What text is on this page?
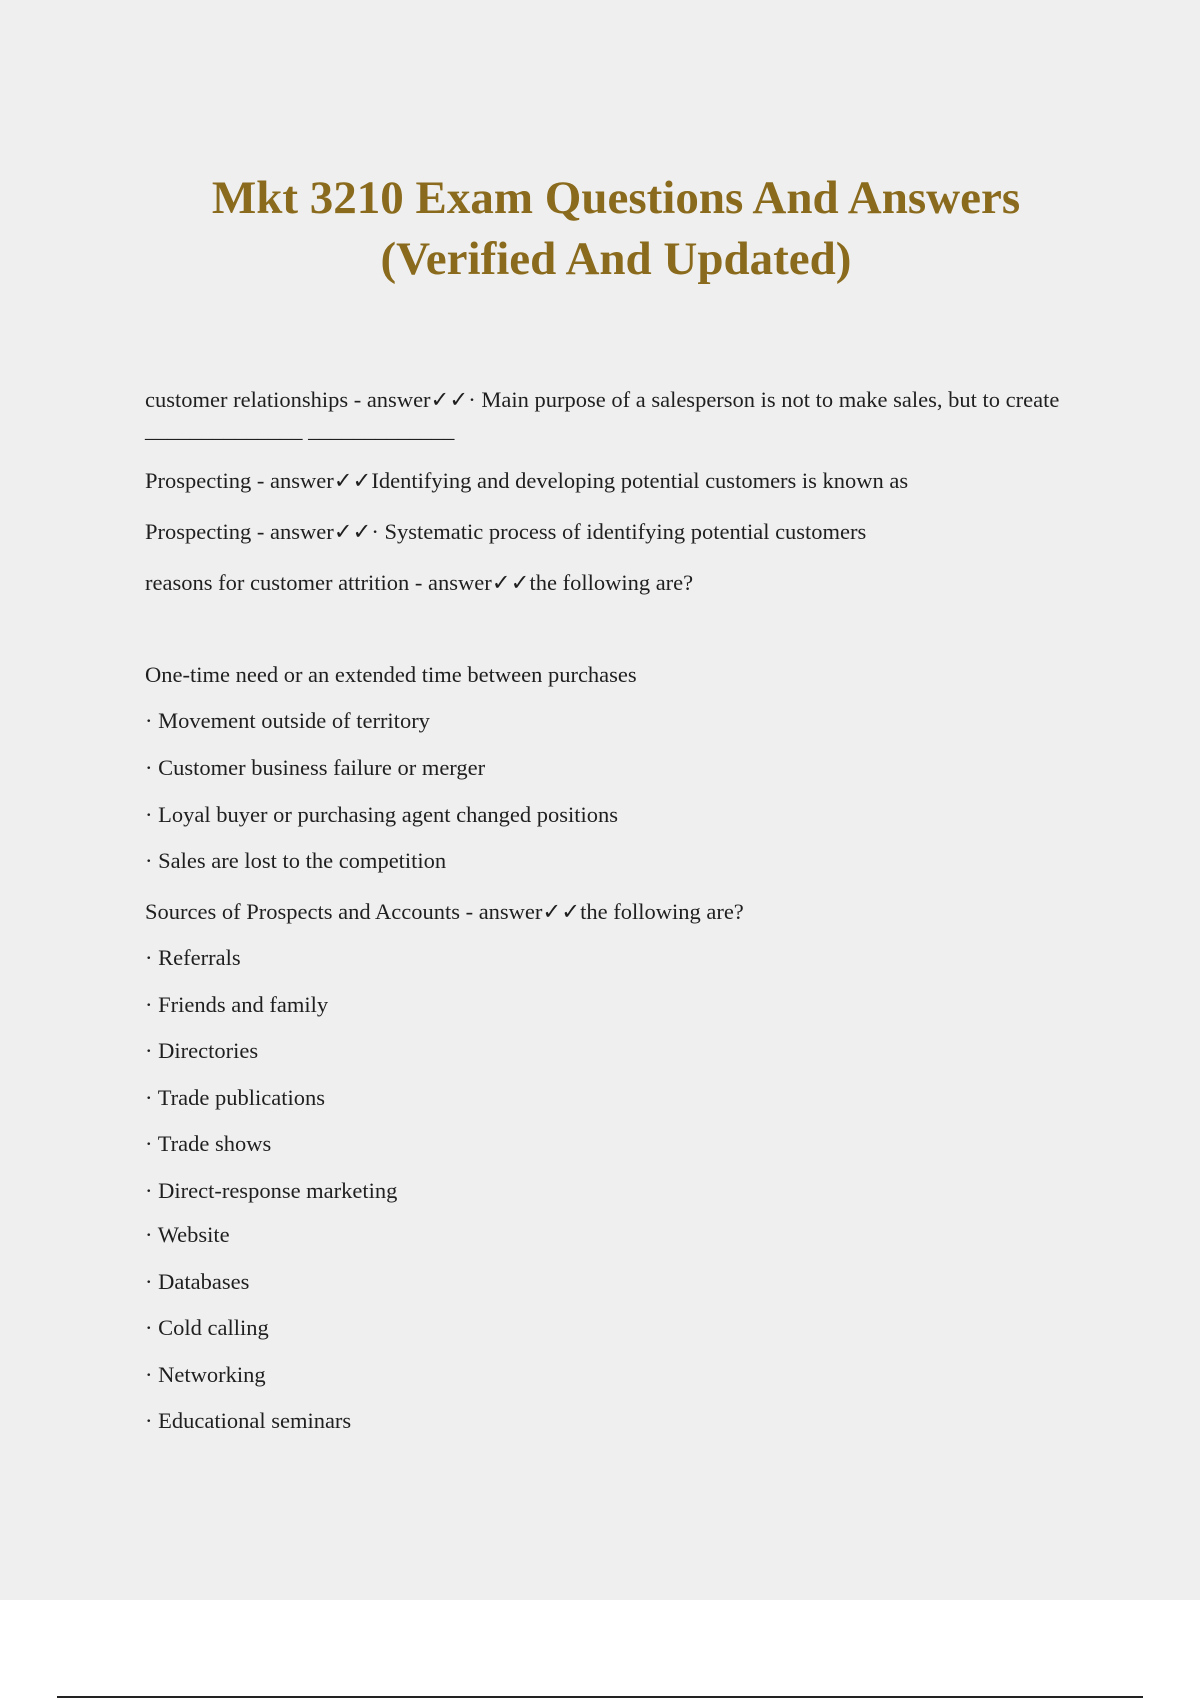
Mkt 3210 Exam Questions And Answers
(Verified And Updated)
customer relationships - answer✓✓· Main purpose of a salesperson is not to make sales, but to create ______________ _____________
Prospecting - answer✓✓Identifying and developing potential customers is known as
Prospecting - answer✓✓· Systematic process of identifying potential customers
reasons for customer attrition - answer✓✓the following are?
One-time need or an extended time between purchases
· Movement outside of territory
· Customer business failure or merger
· Loyal buyer or purchasing agent changed positions
· Sales are lost to the competition
Sources of Prospects and Accounts - answer✓✓the following are?
· Referrals
· Friends and family
· Directories
· Trade publications
· Trade shows
· Direct-response marketing
· Website
· Databases
· Cold calling
· Networking
· Educational seminars
